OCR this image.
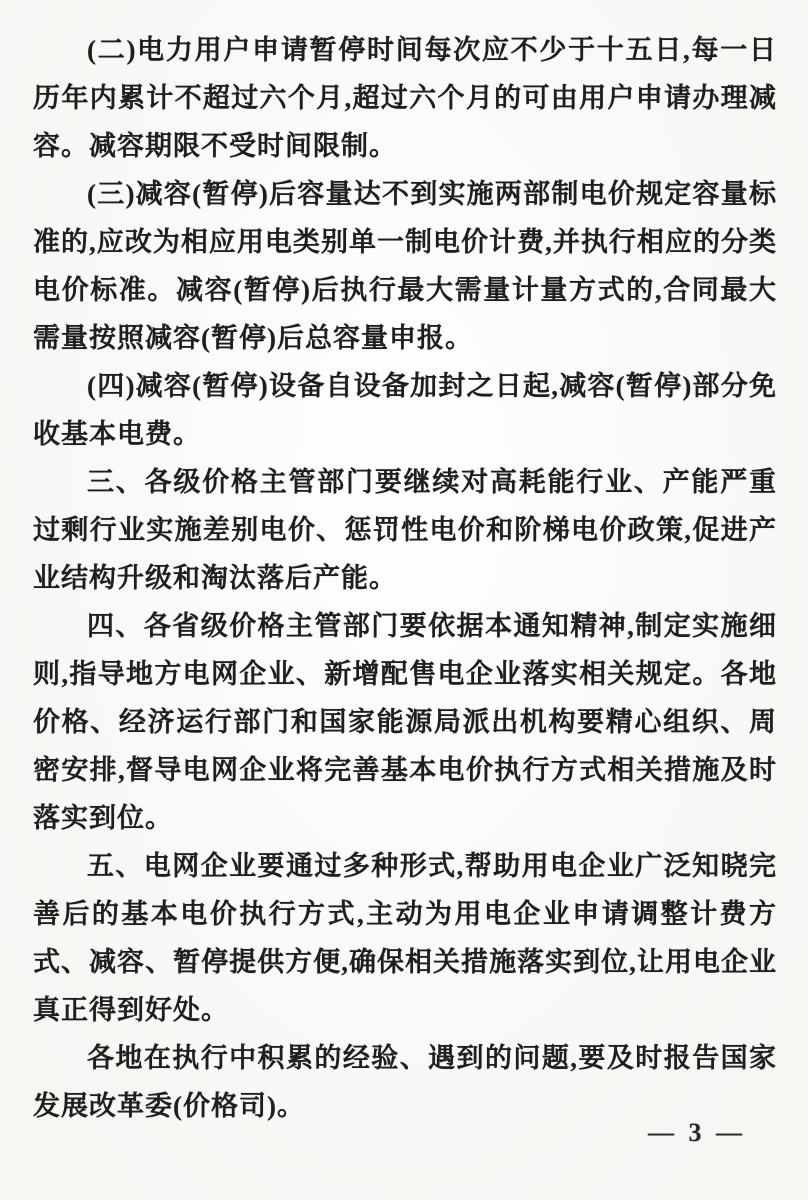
(二)电力用户申请暂停时间每次应不少于十五日,每一日历年内累计不超过六个月,超过六个月的可由用户申请办理减容。减容期限不受时间限制。

(三)减容(暂停)后容量达不到实施两部制电价规定容量标准的,应改为相应用电类别单一制电价计费,并执行相应的分类电价标准。减容(暂停)后执行最大需量计量方式的,合同最大需量按照减容(暂停)后总容量申报。

(四)减容(暂停)设备自设备加封之日起,减容(暂停)部分免收基本电费。

三、各级价格主管部门要继续对高耗能行业、产能严重过剩行业实施差别电价、惩罚性电价和阶梯电价政策,促进产业结构升级和淘汰落后产能。

四、各省级价格主管部门要依据本通知精神,制定实施细则,指导地方电网企业、新增配售电企业落实相关规定。各地价格、经济运行部门和国家能源局派出机构要精心组织、周密安排,督导电网企业将完善基本电价执行方式相关措施及时落实到位。

五、电网企业要通过多种形式,帮助用电企业广泛知晓完善后的基本电价执行方式,主动为用电企业申请调整计费方式、减容、暂停提供方便,确保相关措施落实到位,让用电企业真正得到好处。

各地在执行中积累的经验、遇到的问题,要及时报告国家发展改革委(价格司)。

— 3 —
